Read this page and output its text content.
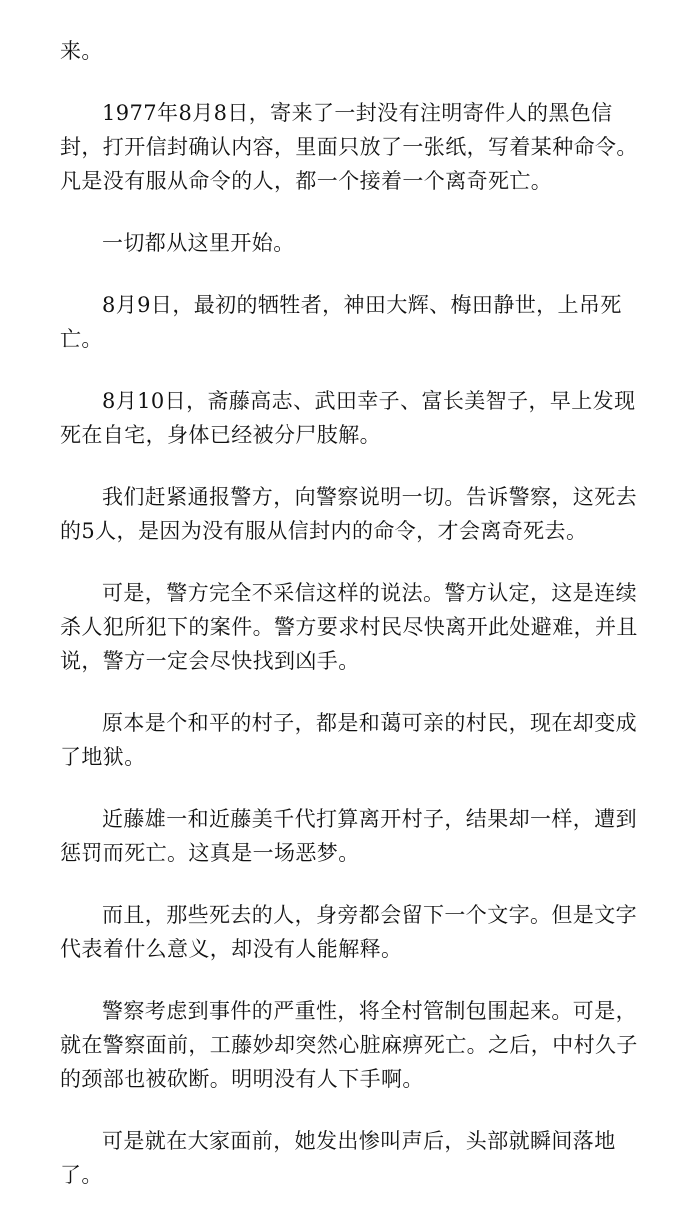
来。

1977年8月8日，寄来了一封没有注明寄件人的黑色信封，打开信封确认内容，里面只放了一张纸，写着某种命令。凡是没有服从命令的人，都一个接着一个离奇死亡。

一切都从这里开始。

8月9日，最初的牺牲者，神田大辉、梅田静世，上吊死亡。

8月10日，斋藤高志、武田幸子、富长美智子，早上发现死在自宅，身体已经被分尸肢解。

我们赶紧通报警方，向警察说明一切。告诉警察，这死去的5人，是因为没有服从信封内的命令，才会离奇死去。

可是，警方完全不采信这样的说法。警方认定，这是连续杀人犯所犯下的案件。警方要求村民尽快离开此处避难，并且说，警方一定会尽快找到凶手。

原本是个和平的村子，都是和蔼可亲的村民，现在却变成了地狱。

近藤雄一和近藤美千代打算离开村子，结果却一样，遭到惩罚而死亡。这真是一场恶梦。

而且，那些死去的人，身旁都会留下一个文字。但是文字代表着什么意义，却没有人能解释。

警察考虑到事件的严重性，将全村管制包围起来。可是，就在警察面前，工藤妙却突然心脏麻痹死亡。之后，中村久子的颈部也被砍断。明明没有人下手啊。

可是就在大家面前，她发出惨叫声后，头部就瞬间落地了。
